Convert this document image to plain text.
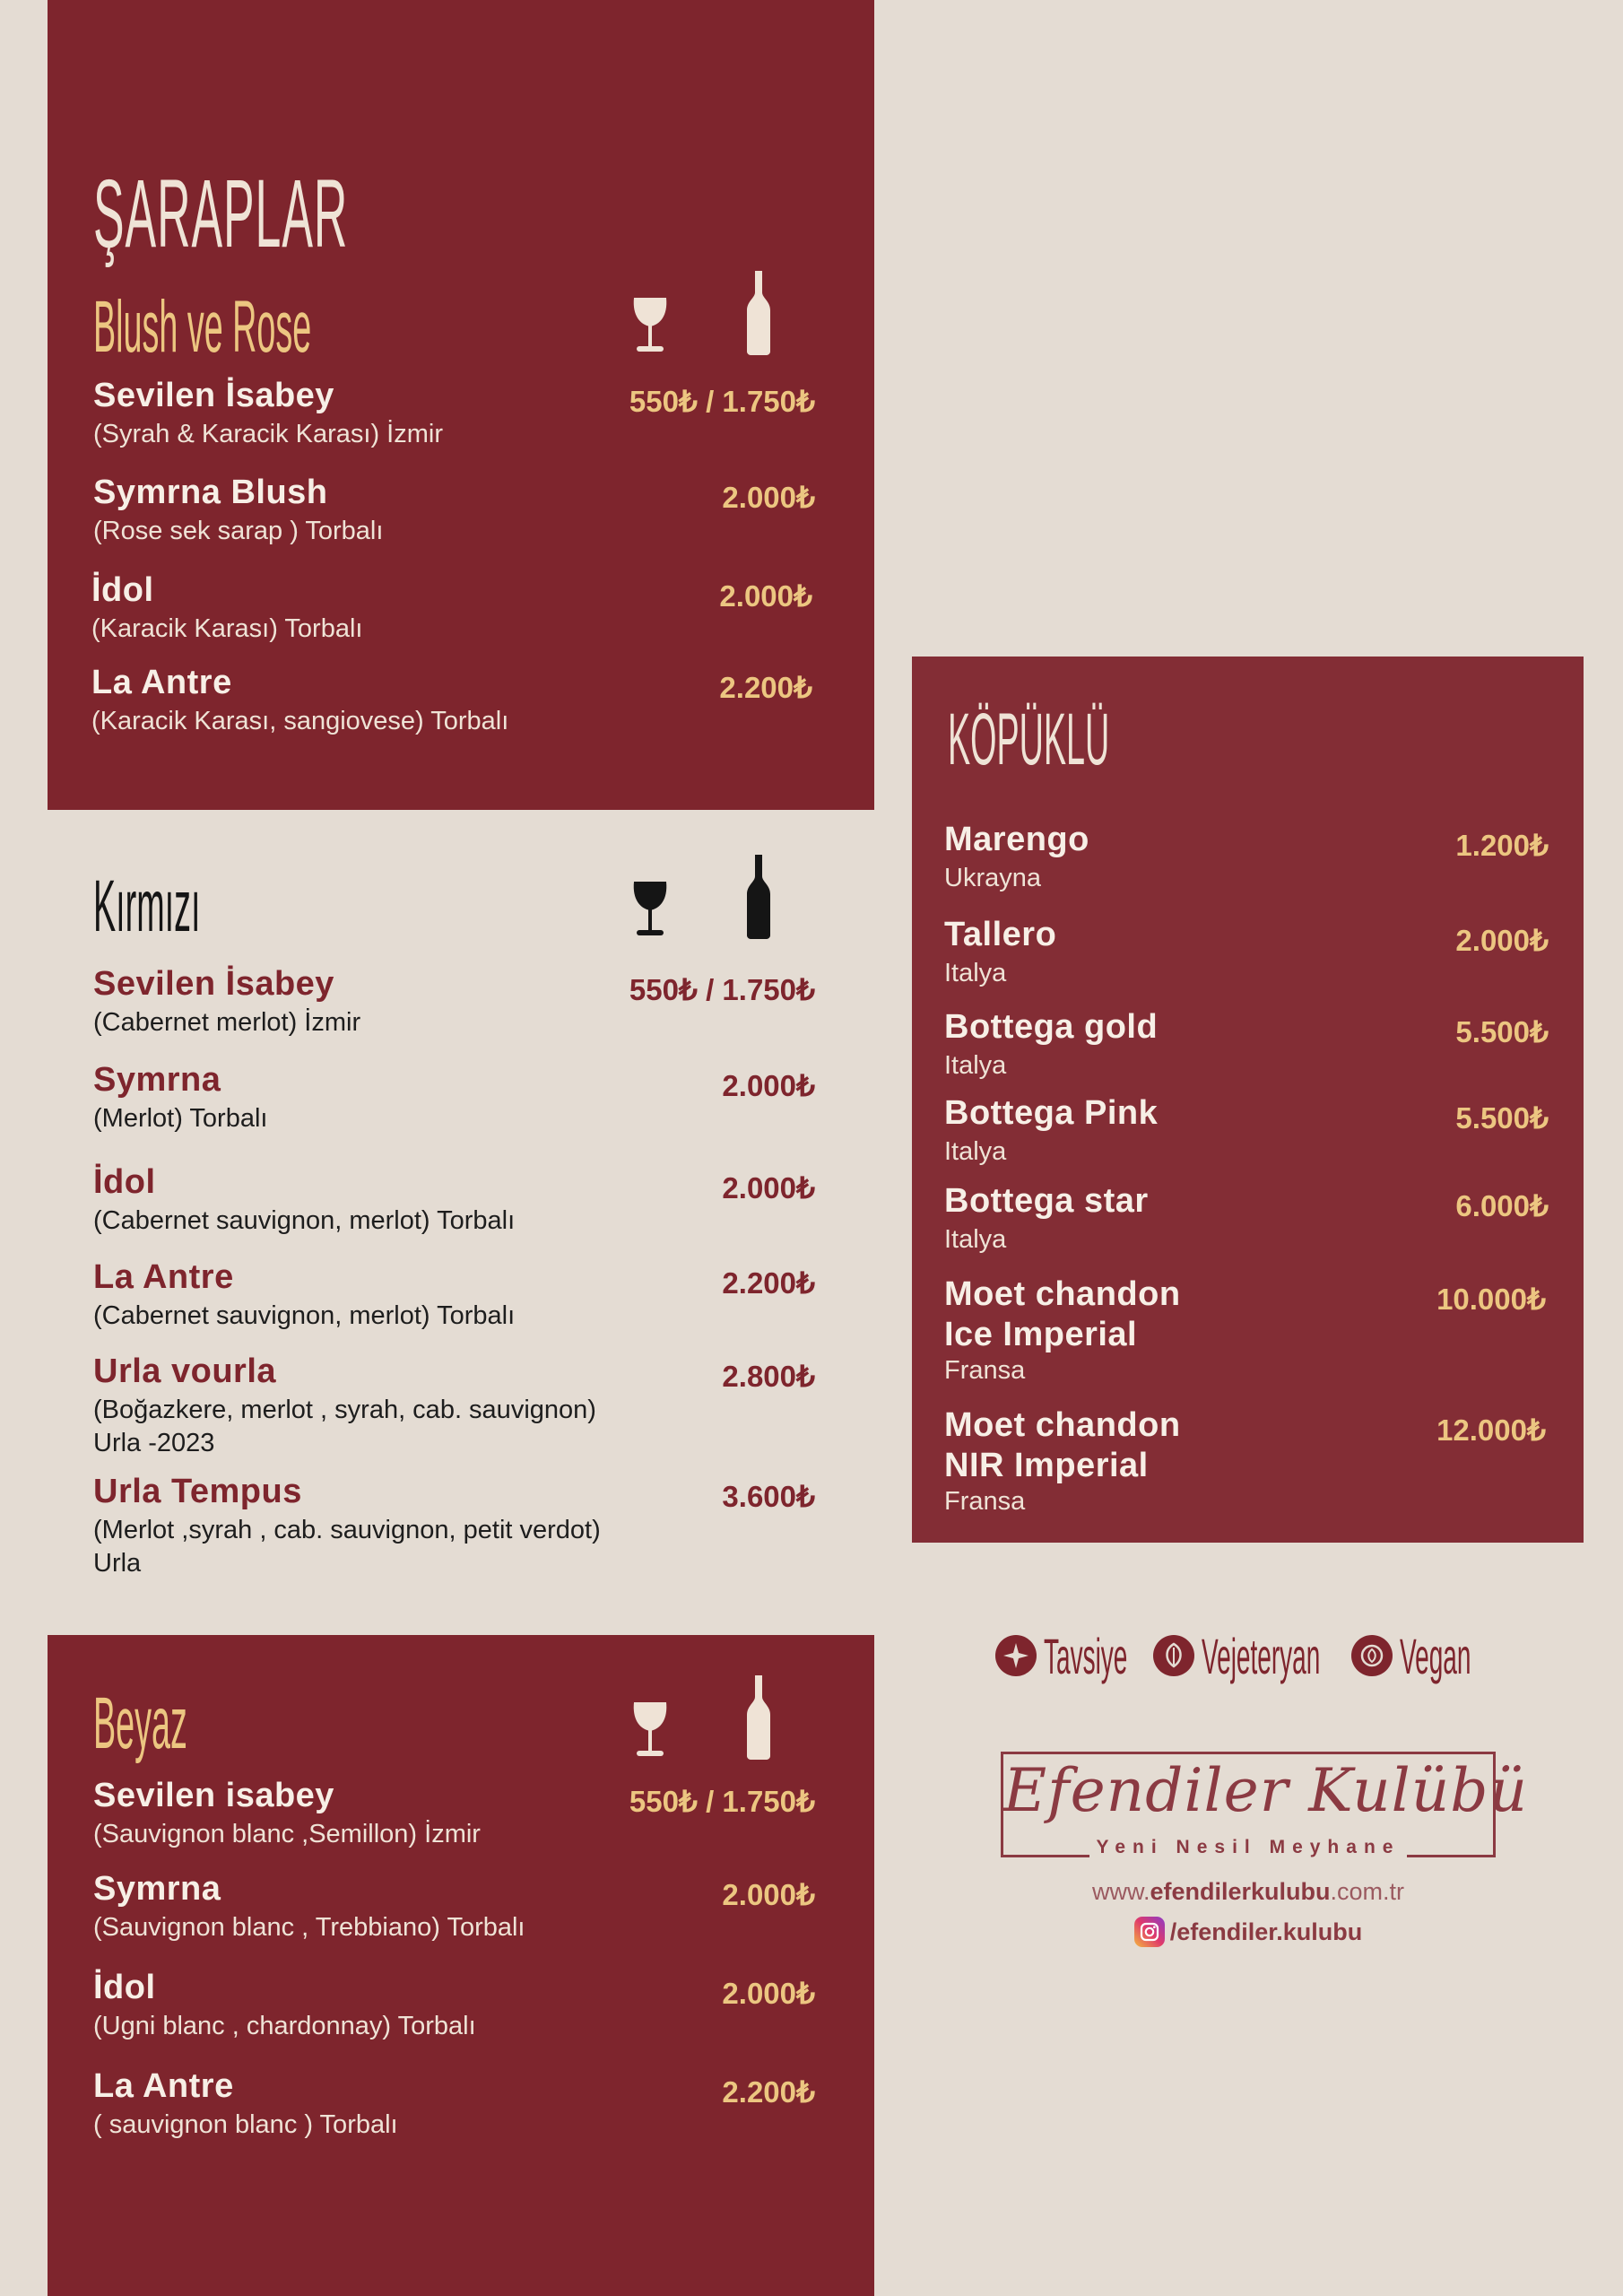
ŞARAPLAR
Blush ve Rose
Sevilen İsabey
(Syrah & Karacik Karası) İzmir
550₺ / 1.750₺
Symrna Blush
(Rose sek sarap ) Torbalı
2.000₺
İdol
(Karacik Karası) Torbalı
2.000₺
La Antre
(Karacik Karası, sangiovese) Torbalı
2.200₺
Kırmızı
Sevilen İsabey
(Cabernet merlot) İzmir
550₺ / 1.750₺
Symrna
(Merlot) Torbalı
2.000₺
İdol
(Cabernet sauvignon, merlot) Torbalı
2.000₺
La Antre
(Cabernet sauvignon, merlot) Torbalı
2.200₺
Urla vourla
(Boğazkere, merlot , syrah, cab. sauvignon)
Urla -2023
2.800₺
Urla Tempus
(Merlot ,syrah , cab. sauvignon, petit verdot)
Urla
3.600₺
Beyaz
Sevilen isabey
(Sauvignon blanc ,Semillon) İzmir
550₺ / 1.750₺
Symrna
(Sauvignon blanc , Trebbiano) Torbalı
2.000₺
İdol
(Ugni blanc , chardonnay) Torbalı
2.000₺
La Antre
( sauvignon blanc ) Torbalı
2.200₺
KÖPÜKLÜ
Marengo
Ukrayna
1.200₺
Tallero
Italya
2.000₺
Bottega gold
Italya
5.500₺
Bottega Pink
Italya
5.500₺
Bottega star
Italya
6.000₺
Moet chandon
Ice Imperial
Fransa
10.000₺
Moet chandon
NIR Imperial
Fransa
12.000₺
Tavsiye Vejeteryan Vegan
Efendiler Kulübü
Yeni Nesil Meyhane
www.efendilerkulubu.com.tr
/efendiler.kulubu
